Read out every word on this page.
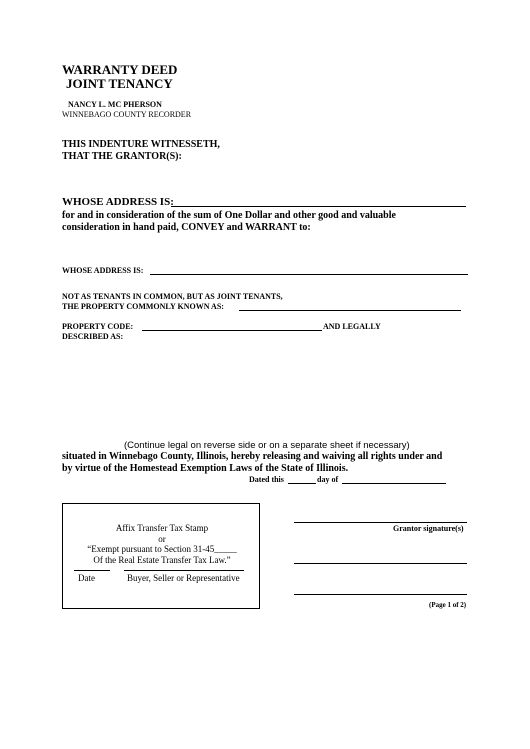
WARRANTY DEED
JOINT TENANCY
NANCY L. MC PHERSON
WINNEBAGO COUNTY RECORDER
THIS INDENTURE WITNESSETH,
THAT THE GRANTOR(S):
WHOSE ADDRESS IS:
for and in consideration of the sum of One Dollar and other good and valuable
consideration in hand paid, CONVEY and WARRANT to:
WHOSE ADDRESS IS:
NOT AS TENANTS IN COMMON, BUT AS JOINT TENANTS,
THE PROPERTY COMMONLY KNOWN AS:
PROPERTY CODE:	AND LEGALLY
DESCRIBED AS:
(Continue legal on reverse side or on a separate sheet if necessary)
situated in Winnebago County, Illinois, hereby releasing and waiving all rights under and
by virtue of the Homestead Exemption Laws of the State of Illinois.
Dated this	day of
Affix Transfer Tax Stamp
or
“Exempt pursuant to Section 31-45_____
Of the Real Estate Transfer Tax Law.”
Date	Buyer, Seller or Representative
Grantor signature(s)
(Page 1 of 2)
